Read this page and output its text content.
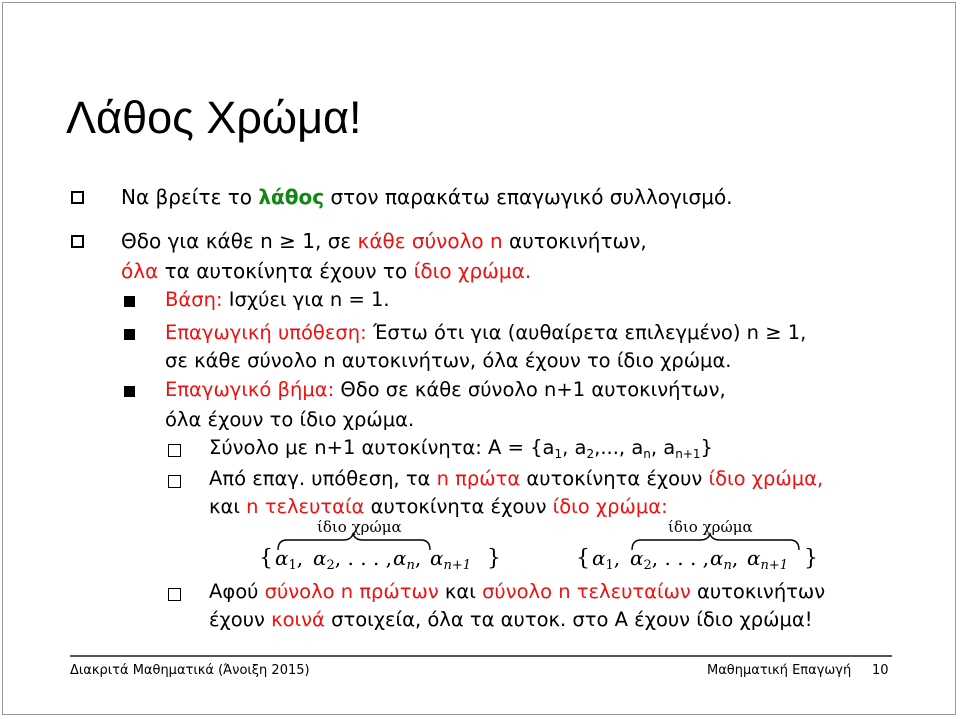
Λάθος Χρώμα!
Να βρείτε το λάθος στον παρακάτω επαγωγικό συλλογισμό.
Θδο για κάθε n ≥ 1, σε κάθε σύνολο n αυτοκινήτων,
όλα τα αυτοκίνητα έχουν το ίδιο χρώμα.
Βάση: Ισχύει για n = 1.
Επαγωγική υπόθεση: Έστω ότι για (αυθαίρετα επιλεγμένο) n ≥ 1,
σε κάθε σύνολο n αυτοκινήτων, όλα έχουν το ίδιο χρώμα.
Επαγωγικό βήμα: Θδο σε κάθε σύνολο n+1 αυτοκινήτων,
όλα έχουν το ίδιο χρώμα.
Σύνολο με n+1 αυτοκίνητα: $A = \{a_1$, $a_2$,..., $a_n$, $a_{n+1}$}
Από επαγ. υπόθεση, τα n πρώτα αυτοκίνητα έχουν ίδιο χρώμα,
και n τελευταία αυτοκίνητα έχουν ίδιο χρώμα:
ίδιο χρώμα
{ $\alpha_1$, $\alpha_2$, . . . , $\alpha_n$, $\alpha_{n+1}$ }
ίδιο χρώμα
{ $\alpha_1$, $\alpha_2$, . . . , $\alpha_n$, $\alpha_{n+1}$ }
Αφού σύνολο n πρώτων και σύνολο n τελευταίων αυτοκινήτων
έχουν κοινά στοιχεία, όλα τα αυτοκ. στο A έχουν ίδιο χρώμα!
Διακριτά Μαθηματικά (Άνοιξη 2015)	Μαθηματική Επαγωγή 10
